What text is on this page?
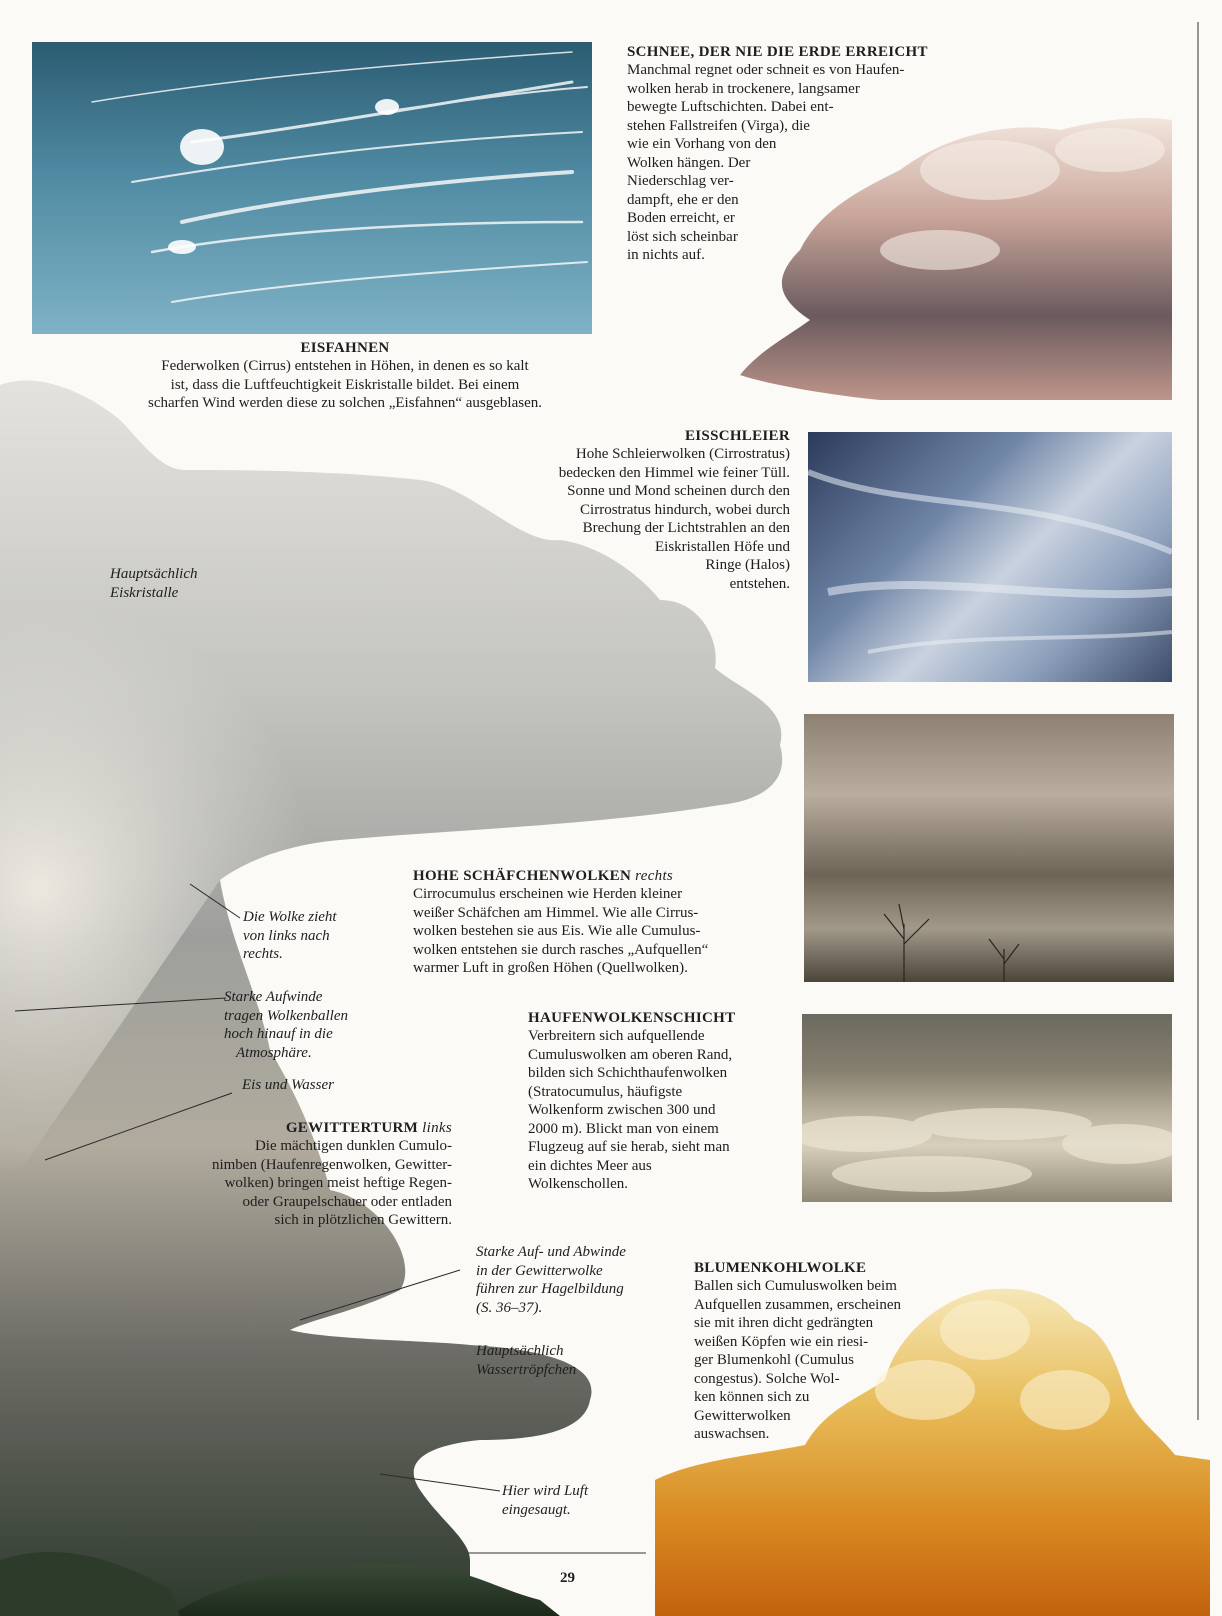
SCHNEE, DER NIE DIE ERDE ERREICHT
Manchmal regnet oder schneit es von Haufen-
wolken herab in trockenere, langsamer
bewegte Luftschichten. Dabei ent-
stehen Fallstreifen (Virga), die
wie ein Vorhang von den
Wolken hängen. Der
Niederschlag ver-
dampft, ehe er den
Boden erreicht, er
löst sich scheinbar
in nichts auf.
EISFAHNEN
Federwolken (Cirrus) entstehen in Höhen, in denen es so kalt
ist, dass die Luftfeuchtigkeit Eiskristalle bildet. Bei einem
scharfen Wind werden diese zu solchen „Eisfahnen“ ausgeblasen.
EISSCHLEIER
Hohe Schleierwolken (Cirrostratus)
bedecken den Himmel wie feiner Tüll.
Sonne und Mond scheinen durch den
Cirrostratus hindurch, wobei durch
Brechung der Lichtstrahlen an den
Eiskristallen Höfe und
Ringe (Halos)
entstehen.
HOHE SCHÄFCHENWOLKEN rechts
Cirrocumulus erscheinen wie Herden kleiner
weißer Schäfchen am Himmel. Wie alle Cirrus-
wolken bestehen sie aus Eis. Wie alle Cumulus-
wolken entstehen sie durch rasches „Aufquellen“
warmer Luft in großen Höhen (Quellwolken).
HAUFENWOLKENSCHICHT
Verbreitern sich aufquellende
Cumuluswolken am oberen Rand,
bilden sich Schichthaufenwolken
(Stratocumulus, häufigste
Wolkenform zwischen 300 und
2000 m). Blickt man von einem
Flugzeug auf sie herab, sieht man
ein dichtes Meer aus
Wolkenschollen.
GEWITTERTURM links
Die mächtigen dunklen Cumulo-
nimben (Haufenregenwolken, Gewitter-
wolken) bringen meist heftige Regen-
oder Graupelschauer oder entladen
sich in plötzlichen Gewittern.
BLUMENKOHLWOLKE
Ballen sich Cumuluswolken beim
Aufquellen zusammen, erscheinen
sie mit ihren dicht gedrängten
weißen Köpfen wie ein riesi-
ger Blumenkohl (Cumulus
congestus). Solche Wol-
ken können sich zu
Gewitterwolken
auswachsen.
Hauptsächlich
Eiskristalle
Die Wolke zieht
von links nach
rechts.
Starke Aufwinde
tragen Wolkenballen
hoch hinauf in die
Atmosphäre.
Eis und Wasser
Starke Auf- und Abwinde
in der Gewitterwolke
führen zur Hagelbildung
(S. 36–37).
Hauptsächlich
Wassertröpfchen
Hier wird Luft
eingesaugt.
29
